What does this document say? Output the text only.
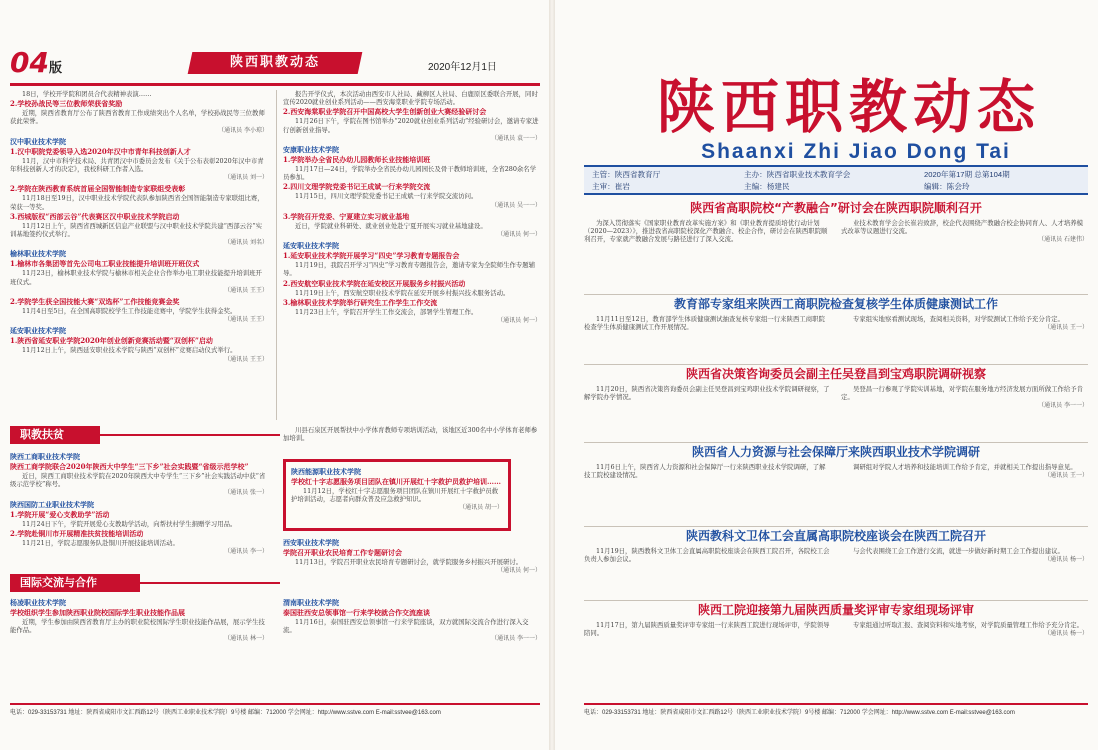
04版	陕西职教动态	2020年12月1日

18日，学校开学院和团员合代表精神表演……

2.学校孙战民等三位教师荣获省奖励

近期，陕西省教育厅公布了陕西省教育工作成绩突出个人名单，学校孙战民等三位教师获此荣誉。

（通讯员 李小琼）
汉中职业技术学院
1.汉中职院党委领导入选2020年汉中市青年科技创新人才

11月，汉中市科学技术局、共青团汉中市委员会发布《关于公布表彰2020年汉中市青年科技创新人才的决定》，我校科研工作者入选。

（通讯员 刘一）
2.学院在陕西教育系统首届全国智能制造专家联组受表彰

11月18日至19日，汉中职业技术学院代表队参加陕西省全国智能制造专家联组比赛，荣获一等奖。

3.西城版权“西部云谷”代表赛区汉中职业技术学院启动

11月12日上午，陕西省西城新区信息产业联盟与汉中职业技术学院共建“西部云谷”实训基地签约仪式举行。

（通讯员 刘名）
榆林职业技术学院
1.榆林市各集团等首先公司电工职业技能提升培训班开班仪式

11月23日，榆林职业技术学院与榆林市相关企业合作举办电工职业技能提升培训班开班仪式。

（通讯员 王王）
2.学院学生获全国技能大赛“双选杯”工作技能竞赛金奖

11月4日至5日，在全国高职院校学生工作技能竞赛中，学院学生获得金奖。

（通讯员 王王）
延安职业技术学院
1.陕西省延安职业学院2020年创业创新竞赛活动暨“双创杯”启动

11月12日上午，陕西延安职业技术学院与陕西“双创杯”竞赛启动仪式举行。

（通讯员 王王）

报告开学仪式，本次活动由西安市人社局、藏柳区人社局、白鹿原区委联合开展，同时宣传2020就业创业系列活动——西安海棠职业学院专场活动。

2.西安海棠职业学院召开中国高校大学生创新创业大赛经验研讨会

11月26日下午，学院在图书馆举办“2020就业创业系列活动”经验研讨会，邀请专家进行创新创业指导。

（通讯员 袁一一）
安康职业技术学院
1.学院举办全省民办幼儿园教师长业技能培训班

11月17日—24日，学院举办全省民办幼儿园园长及骨干教师培训班，全省280余名学员参加。

2.四川文理学院党委书记王成斌一行来学院交流

11月15日，四川文理学院党委书记王成斌一行来学院交流访问。

（通讯员 吴一一）
3.学院召开党委、宁夏建立实习就业基地

近日，学院就业科研处、就业创业处赴宁夏开展实习就业基地建设。

（通讯员 何一）
延安职业技术学院
1.延安职业技术学院开展学习“四史”学习教育专题报告会

11月19日，我院召开学习“四史”学习教育专题报告会，邀请专家为全院师生作专题辅导。

2.西安航空职业技术学院在延安校区开展服务乡村振兴活动

11月19日上午，西安航空职业技术学院在延安开展乡村振兴技术服务活动。

3.榆林职业技术学院举行研究生工作学生工作交流

11月23日上午，学院召开学生工作交流会，部署学生管理工作。

（通讯员 何一）
职教扶贫
陕西工商职业技术学院
陕西工商学院联合2020年陕西大中学生“三下乡”社会实践暨“省级示范学校”

近日，陕西工商职业技术学院在2020年陕西大中专学生“三下乡”社会实践活动中获“省级示范学校”称号。

（通讯员 张一）
陕西国防工业职业技术学院
1.学院开展“爱心支教助学”活动

11月24日下午，学院开展爱心支教助学活动，向帮扶村学生捐赠学习用品。

2.学院赴铜川市开展精准扶贫技能培训活动

11月21日，学院志愿服务队赴铜川开展技能培训活动。

（通讯员 李一）

川县石泉区开展帮扶中小学体育教师专项培训活动，该地区近300名中小学体育老师参加培训。

陕西能源职业技术学院
学校红十字志愿服务项目团队在镇川开展红十字救护员救护培训……

11月12日，学校红十字志愿服务项目团队在镇川开展红十字救护员救护培训活动，志愿者向群众普及应急救护知识。

（通讯员 胡一）
西安职业技术学院
学院召开职业农民培育工作专题研讨会

11月13日，学院召开职业农民培育专题研讨会，就学院服务乡村振兴开展研讨。

（通讯员 何一）
国际交流与合作
杨凌职业技术学院
学校组织学生参加陕西职业院校国际学生职业技能作品展

近期，学生参加由陕西省教育厅主办的职业院校国际学生职业技能作品展，展示学生技能作品。

（通讯员 林一）
渭南职业技术学院
泰国驻西安总领事馆一行来学校就合作交流座谈

11月16日，泰国驻西安总领事馆一行来学院座谈，双方就国际交流合作进行深入交流。

（通讯员 李一一）
电话：029-33153731 地址：陕西省咸阳市文汇西路12号（陕西工业职业技术学院）9号楼 邮编：712000 学会网址：http://www.sstve.com E-mail:sstvee@163.com
陕西职教动态
Shaanxi Zhi Jiao Dong Tai
主管：陕西省教育厅	主办：陕西省职业技术教育学会	2020年第17期 总第104期
主审：崔岩	主编：杨建民	编辑：陈会玲
陕西省高职院校“产教融合”研讨会在陕西职院顺利召开

为深入贯彻落实《国家职业教育改革实施方案》和《职业教育提质培优行动计划（2020—2023）》，推进我省高职院校深化产教融合、校企合作，研讨会在陕西职院顺利召开，专家就产教融合发展与路径进行了深入交流。

业技术教育学会会长崔岩致辞，校企代表围绕产教融合校企协同育人、人才培养模式改革等议题进行交流。

（通讯员 石建伟）
教育部专家组来陕西工商职院检查复核学生体质健康测试工作

11月11日至12日，教育部学生体质健康测试抽查复核专家组一行来陕西工商职院检查学生体质健康测试工作开展情况。

专家组实地察看测试现场，查阅相关资料，对学院测试工作给予充分肯定。

（通讯员 王一）
陕西省决策咨询委员会副主任吴登昌到宝鸡职院调研视察

11月20日，陕西省决策咨询委员会副主任吴登昌到宝鸡职业技术学院调研视察，了解学院办学情况。

吴登昌一行参观了学院实训基地，对学院在服务地方经济发展方面所做工作给予肯定。

（通讯员 李一一）
陕西省人力资源与社会保障厅来陕西职业技术学院调研

11月6日上午，陕西省人力资源和社会保障厅一行来陕西职业技术学院调研，了解技工院校建设情况。

调研组对学院人才培养和技能培训工作给予肯定，并就相关工作提出指导意见。

（通讯员 王一）
陕西教科文卫体工会直属高职院校座谈会在陕西工院召开

11月19日，陕西教科文卫体工会直属高职院校座谈会在陕西工院召开，各院校工会负责人参加会议。

与会代表围绕工会工作进行交流，就进一步做好新时期工会工作提出建议。

（通讯员 杨一）
陕西工院迎接第九届陕西质量奖评审专家组现场评审

11月17日，第九届陕西质量奖评审专家组一行来陕西工院进行现场评审，学院领导陪同。

专家组通过听取汇报、查阅资料和实地考察，对学院质量管理工作给予充分肯定。

（通讯员 杨一）
电话：029-33153731 地址：陕西省咸阳市文汇西路12号（陕西工业职业技术学院）9号楼 邮编：712000 学会网址：http://www.sstve.com E-mail:sstvee@163.com
